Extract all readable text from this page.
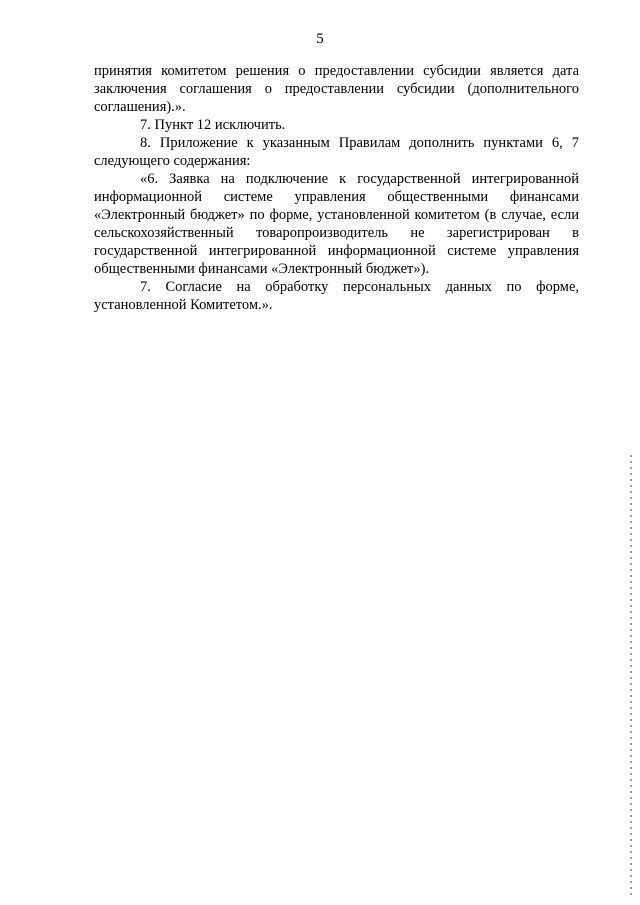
5

принятия комитетом решения о предоставлении субсидии является дата заключения соглашения о предоставлении субсидии (дополнительного соглашения).».

7. Пункт 12 исключить.

8. Приложение к указанным Правилам дополнить пунктами 6, 7 следующего содержания:

«6. Заявка на подключение к государственной интегрированной информационной системе управления общественными финансами «Электронный бюджет» по форме, установленной комитетом (в случае, если сельскохозяйственный товаропроизводитель не зарегистрирован в государственной интегрированной информационной системе управления общественными финансами «Электронный бюджет»).

7. Согласие на обработку персональных данных по форме, установленной Комитетом.».
